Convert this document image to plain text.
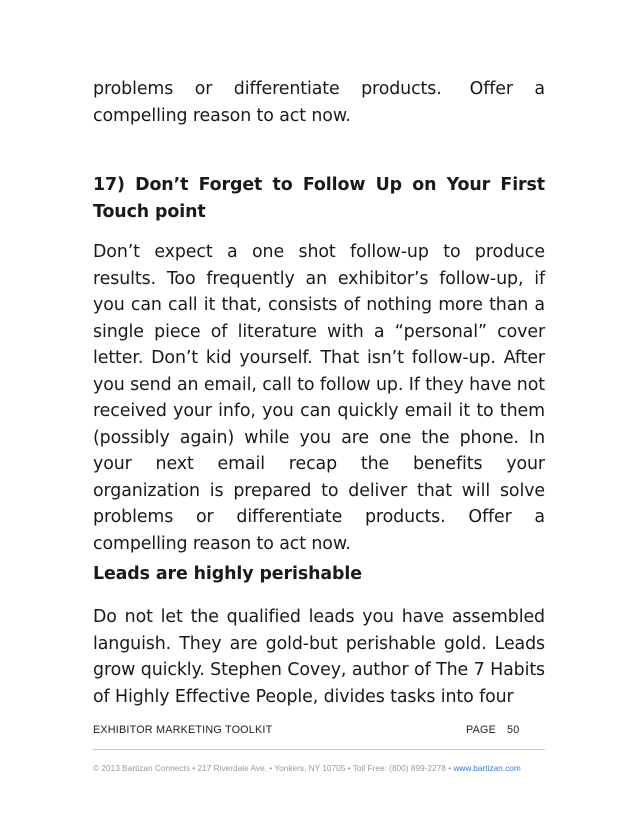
problems or differentiate products. Offer a compelling reason to act now.

17) Don’t Forget to Follow Up on Your First Touch point

Don’t expect a one shot follow-up to produce results. Too frequently an exhibitor’s follow-up, if you can call it that, consists of nothing more than a single piece of literature with a “personal” cover letter. Don’t kid yourself. That isn’t follow-up. After you send an email, call to follow up. If they have not received your info, you can quickly email it to them (possibly again) while you are one the phone. In your next email recap the benefits your organization is prepared to deliver that will solve problems or differentiate products. Offer a compelling reason to act now.

Leads are highly perishable

Do not let the qualified leads you have assembled languish. They are gold-but perishable gold. Leads grow quickly. Stephen Covey, author of The 7 Habits of Highly Effective People, divides tasks into four

EXHIBITOR MARKETING TOOLKIT	PAGE 50
© 2013 Bartizan Connects • 217 Riverdale Ave. • Yonkers, NY 10705 • Toll Free: (800) 899-2278 • www.bartizan.com
